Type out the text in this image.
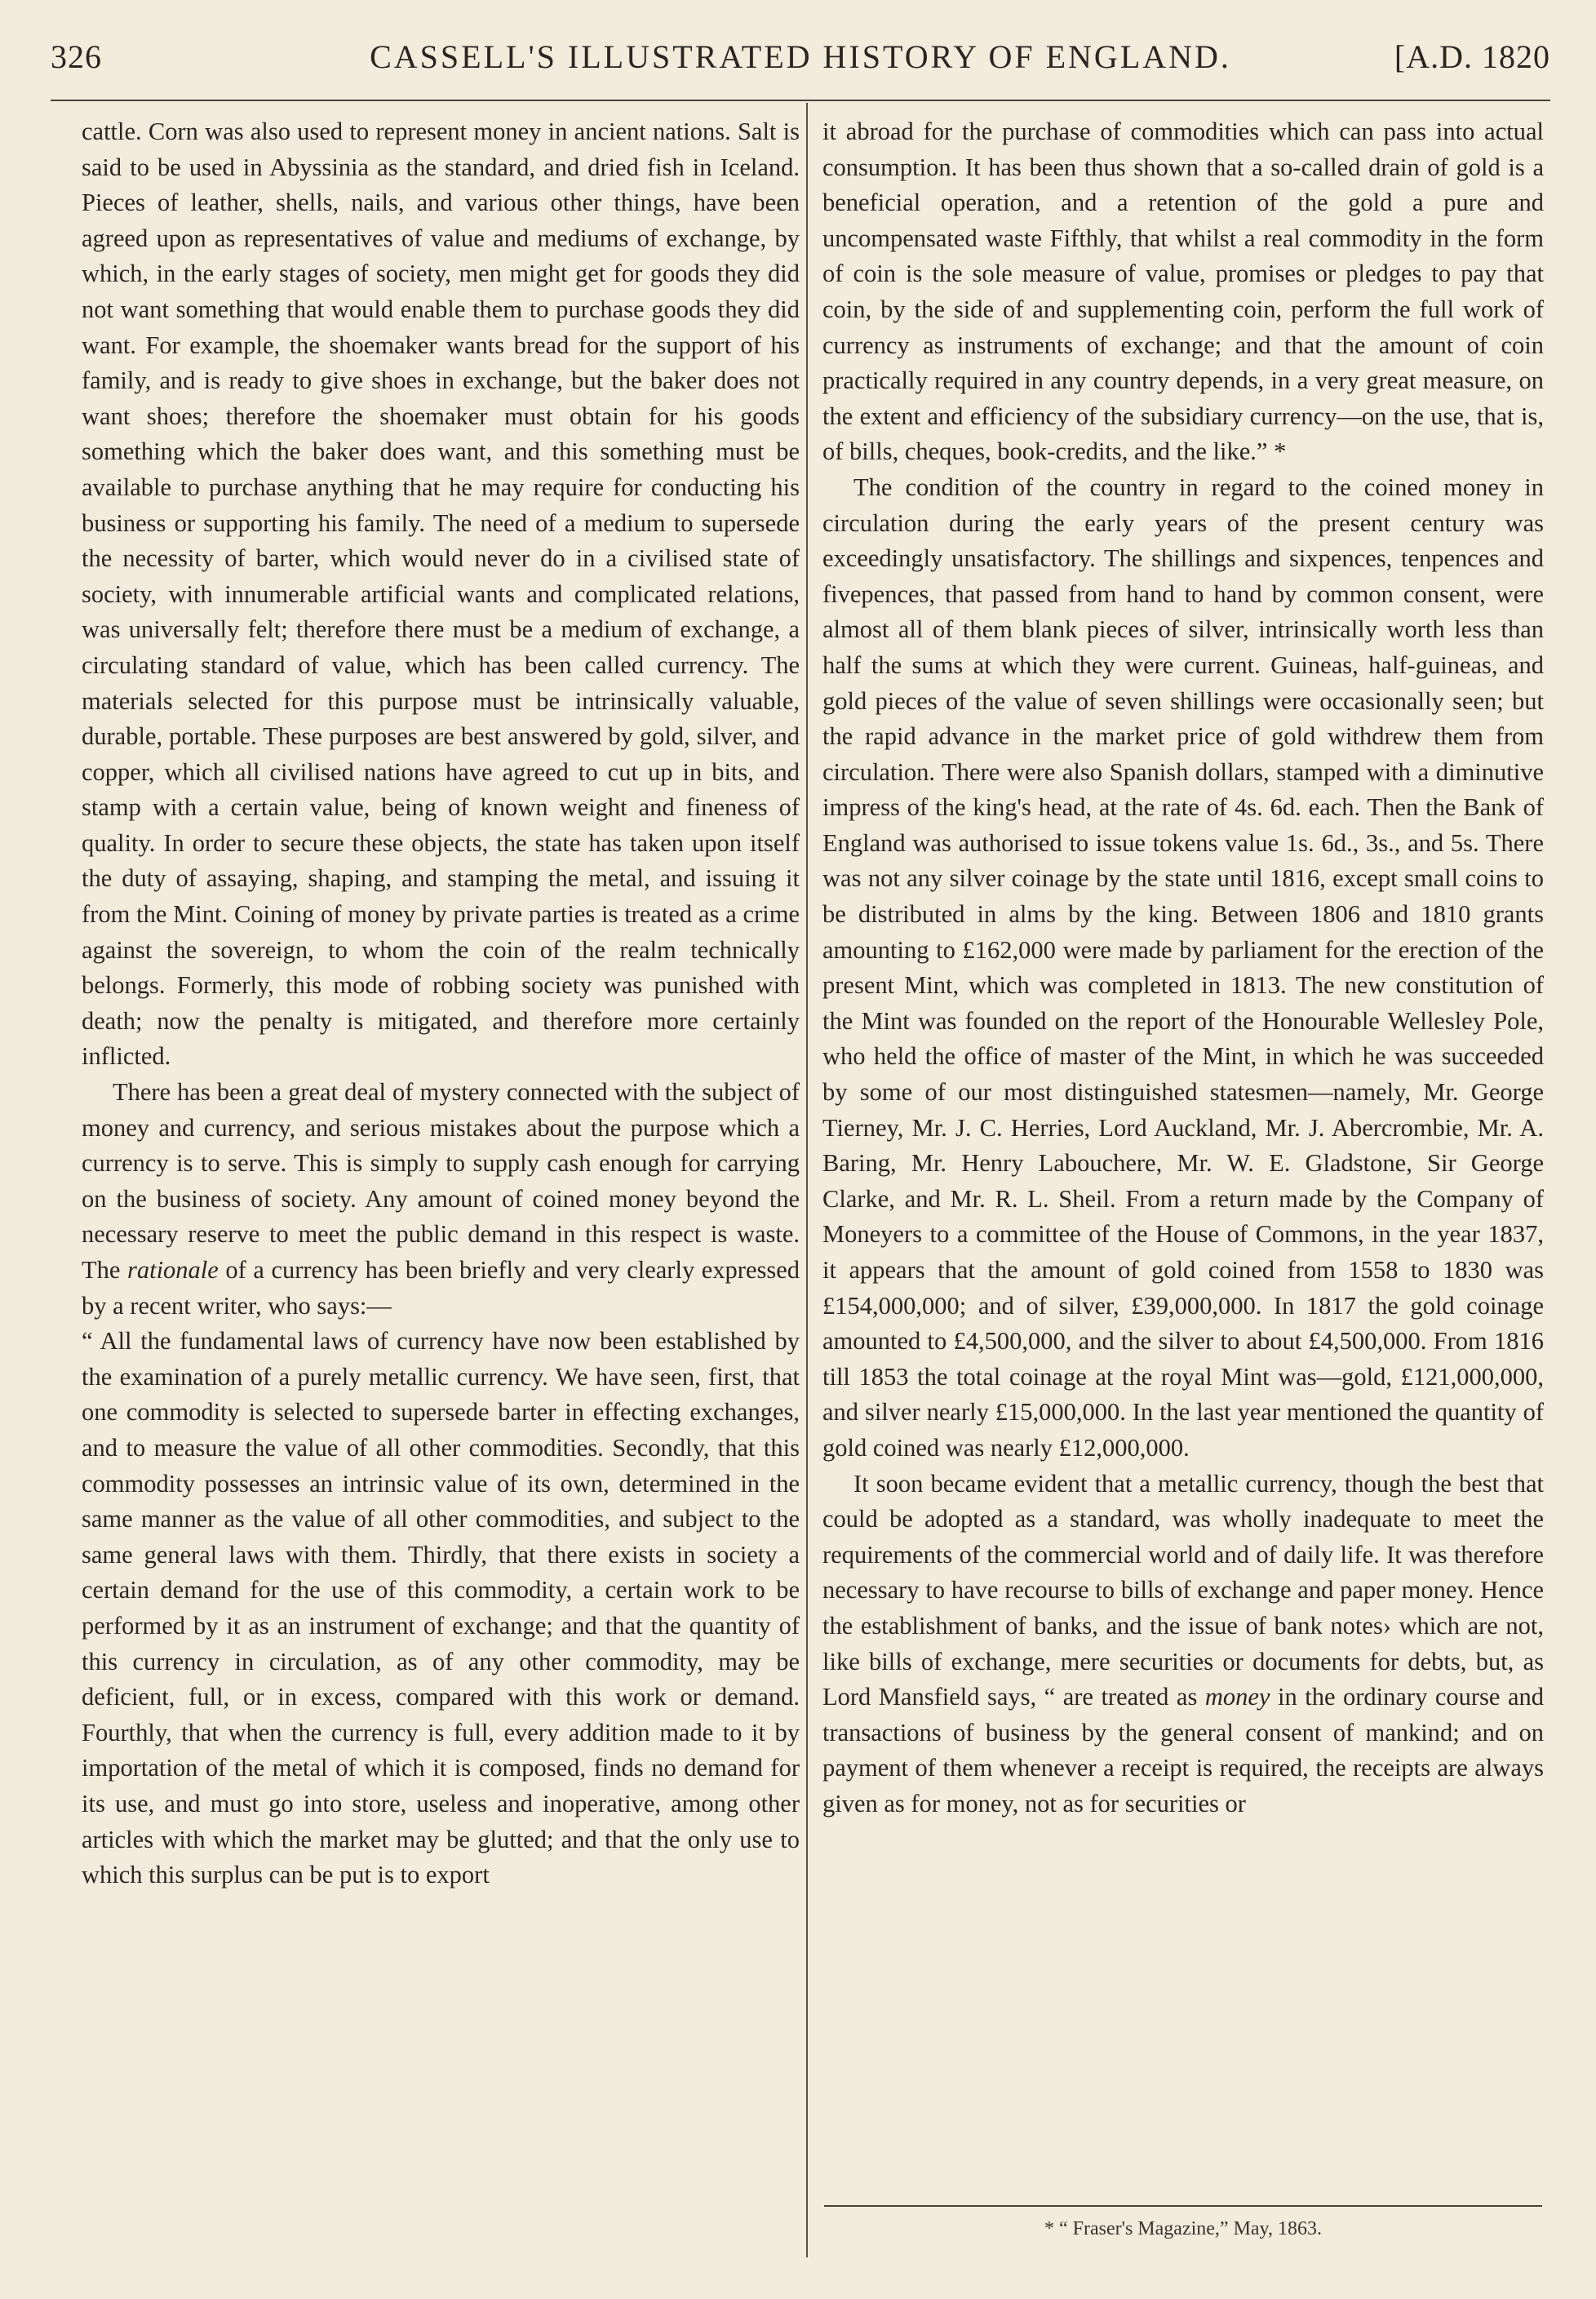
326	CASSELL'S ILLUSTRATED HISTORY OF ENGLAND.	[A.D. 1820

cattle. Corn was also used to represent money in ancient nations. Salt is said to be used in Abyssinia as the standard, and dried fish in Iceland. Pieces of leather, shells, nails, and various other things, have been agreed upon as representatives of value and mediums of exchange, by which, in the early stages of society, men might get for goods they did not want something that would enable them to purchase goods they did want. For example, the shoemaker wants bread for the support of his family, and is ready to give shoes in exchange, but the baker does not want shoes; therefore the shoemaker must obtain for his goods something which the baker does want, and this something must be available to purchase anything that he may require for conducting his business or supporting his family. The need of a medium to supersede the necessity of barter, which would never do in a civilised state of society, with innumerable artificial wants and complicated relations, was universally felt; therefore there must be a medium of exchange, a circulating standard of value, which has been called currency. The materials selected for this purpose must be intrinsically valuable, durable, portable. These purposes are best answered by gold, silver, and copper, which all civilised nations have agreed to cut up in bits, and stamp with a certain value, being of known weight and fineness of quality. In order to secure these objects, the state has taken upon itself the duty of assaying, shaping, and stamping the metal, and issuing it from the Mint. Coining of money by private parties is treated as a crime against the sovereign, to whom the coin of the realm technically belongs. Formerly, this mode of robbing society was punished with death; now the penalty is mitigated, and therefore more certainly inflicted.

There has been a great deal of mystery connected with the subject of money and currency, and serious mistakes about the purpose which a currency is to serve. This is simply to supply cash enough for carrying on the business of society. Any amount of coined money beyond the necessary reserve to meet the public demand in this respect is waste. The rationale of a currency has been briefly and very clearly expressed by a recent writer, who says:—

“ All the fundamental laws of currency have now been established by the examination of a purely metallic currency. We have seen, first, that one commodity is selected to supersede barter in effecting exchanges, and to measure the value of all other commodities. Secondly, that this commodity possesses an intrinsic value of its own, determined in the same manner as the value of all other commodities, and subject to the same general laws with them. Thirdly, that there exists in society a certain demand for the use of this commodity, a certain work to be performed by it as an instrument of exchange; and that the quantity of this currency in circulation, as of any other commodity, may be deficient, full, or in excess, compared with this work or demand. Fourthly, that when the currency is full, every addition made to it by importation of the metal of which it is composed, finds no demand for its use, and must go into store, useless and inoperative, among other articles with which the market may be glutted; and that the only use to which this surplus can be put is to export

it abroad for the purchase of commodities which can pass into actual consumption. It has been thus shown that a so-called drain of gold is a beneficial operation, and a retention of the gold a pure and uncompensated waste Fifthly, that whilst a real commodity in the form of coin is the sole measure of value, promises or pledges to pay that coin, by the side of and supplementing coin, perform the full work of currency as instruments of exchange; and that the amount of coin practically required in any country depends, in a very great measure, on the extent and efficiency of the subsidiary currency—on the use, that is, of bills, cheques, book-credits, and the like.” *

The condition of the country in regard to the coined money in circulation during the early years of the present century was exceedingly unsatisfactory. The shillings and sixpences, tenpences and fivepences, that passed from hand to hand by common consent, were almost all of them blank pieces of silver, intrinsically worth less than half the sums at which they were current. Guineas, half-guineas, and gold pieces of the value of seven shillings were occasionally seen; but the rapid advance in the market price of gold withdrew them from circulation. There were also Spanish dollars, stamped with a diminutive impress of the king's head, at the rate of 4s. 6d. each. Then the Bank of England was authorised to issue tokens value 1s. 6d., 3s., and 5s. There was not any silver coinage by the state until 1816, except small coins to be distributed in alms by the king. Between 1806 and 1810 grants amounting to £162,000 were made by parliament for the erection of the present Mint, which was completed in 1813. The new constitution of the Mint was founded on the report of the Honourable Wellesley Pole, who held the office of master of the Mint, in which he was succeeded by some of our most distinguished statesmen—namely, Mr. George Tierney, Mr. J. C. Herries, Lord Auckland, Mr. J. Abercrombie, Mr. A. Baring, Mr. Henry Labouchere, Mr. W. E. Gladstone, Sir George Clarke, and Mr. R. L. Sheil. From a return made by the Company of Moneyers to a committee of the House of Commons, in the year 1837, it appears that the amount of gold coined from 1558 to 1830 was £154,000,000; and of silver, £39,000,000. In 1817 the gold coinage amounted to £4,500,000, and the silver to about £4,500,000. From 1816 till 1853 the total coinage at the royal Mint was—gold, £121,000,000, and silver nearly £15,000,000. In the last year mentioned the quantity of gold coined was nearly £12,000,000.

It soon became evident that a metallic currency, though the best that could be adopted as a standard, was wholly inadequate to meet the requirements of the commercial world and of daily life. It was therefore necessary to have recourse to bills of exchange and paper money. Hence the establishment of banks, and the issue of bank notes› which are not, like bills of exchange, mere securities or documents for debts, but, as Lord Mansfield says, “ are treated as money in the ordinary course and transactions of business by the general consent of mankind; and on payment of them whenever a receipt is required, the receipts are always given as for money, not as for securities or

* “ Fraser's Magazine,” May, 1863.
